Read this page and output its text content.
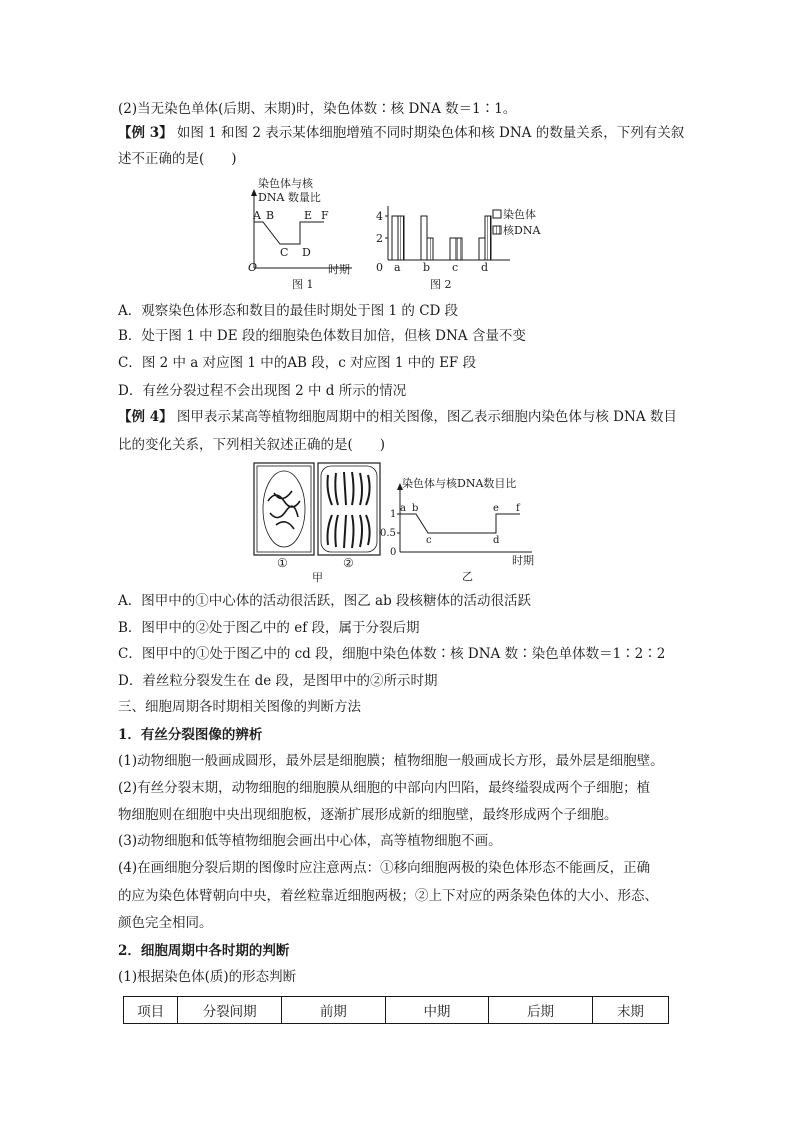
(2)当无染色单体(后期、末期)时，染色体数∶核 DNA 数＝1∶1。
【例 3】 如图 1 和图 2 表示某体细胞增殖不同时期染色体和核 DNA 的数量关系，下列有关叙
述不正确的是(　　)
染色体与核
DNA 数量比
A B
C D
E F
O	时期
图 1
0
2
4
a b c d
染色体
核DNA
图 2
A．观察染色体形态和数目的最佳时期处于图 1 的 CD 段
B．处于图 1 中 DE 段的细胞染色体数目加倍，但核 DNA 含量不变
C．图 2 中 a 对应图 1 中的AB 段，c 对应图 1 中的 EF 段
D．有丝分裂过程不会出现图 2 中 d 所示的情况
【例 4】 图甲表示某高等植物细胞周期中的相关图像，图乙表示细胞内染色体与核 DNA 数目
比的变化关系，下列相关叙述正确的是(　　)
①	②
甲
染色体与核DNA数目比
0
0.5
1
a b
c	d
e f
时期
乙
A．图甲中的①中心体的活动很活跃，图乙 ab 段核糖体的活动很活跃
B．图甲中的②处于图乙中的 ef 段，属于分裂后期
C．图甲中的①处于图乙中的 cd 段，细胞中染色体数∶核 DNA 数∶染色单体数＝1∶2∶2
D．着丝粒分裂发生在 de 段，是图甲中的②所示时期
三、细胞周期各时期相关图像的判断方法
1．有丝分裂图像的辨析
(1)动物细胞一般画成圆形，最外层是细胞膜；植物细胞一般画成长方形，最外层是细胞壁。
(2)有丝分裂末期，动物细胞的细胞膜从细胞的中部向内凹陷，最终缢裂成两个子细胞；植
物细胞则在细胞中央出现细胞板，逐渐扩展形成新的细胞壁，最终形成两个子细胞。
(3)动物细胞和低等植物细胞会画出中心体，高等植物细胞不画。
(4)在画细胞分裂后期的图像时应注意两点：①移向细胞两极的染色体形态不能画反，正确
的应为染色体臂朝向中央，着丝粒靠近细胞两极；②上下对应的两条染色体的大小、形态、
颜色完全相同。
2．细胞周期中各时期的判断
(1)根据染色体(质)的形态判断
项目	分裂间期	前期	中期	后期	末期
